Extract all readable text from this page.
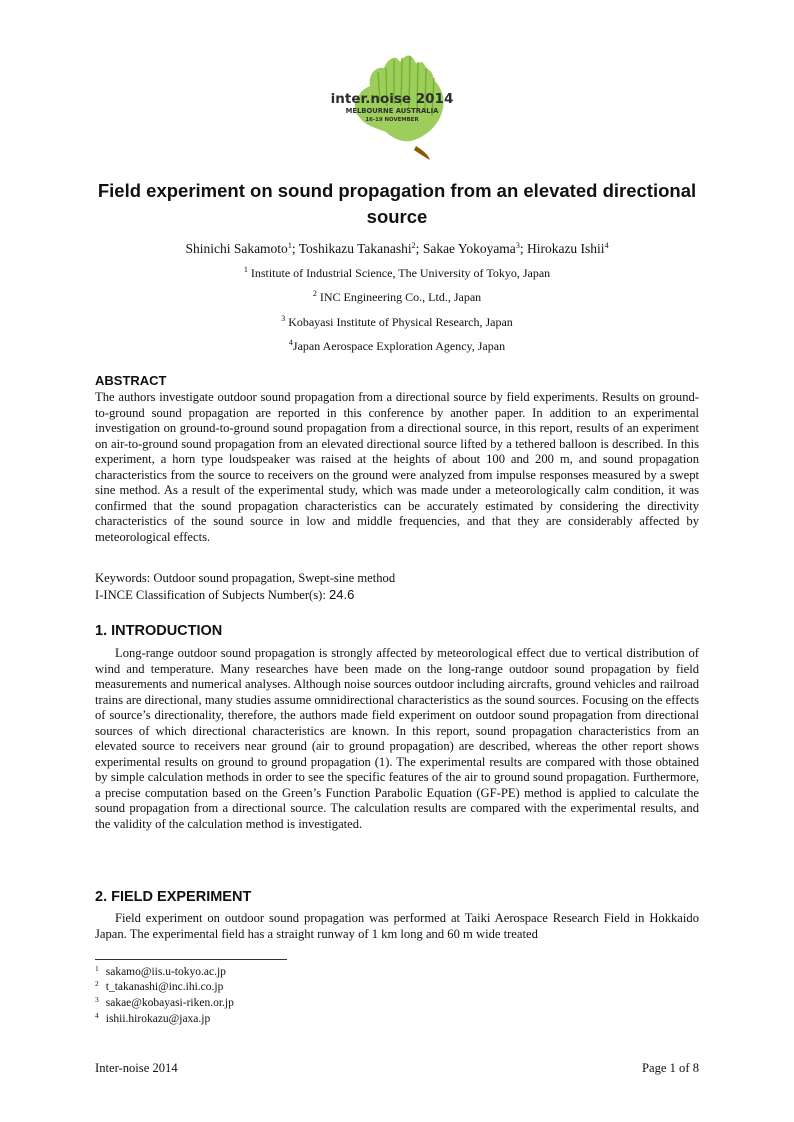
inter.noise 2014
MELBOURNE AUSTRALIA
16-19 NOVEMBER
Field experiment on sound propagation from an elevated directional
source
Shinichi Sakamoto$^1$; Toshikazu Takanashi$^2$; Sakae Yokoyama$^3$; Hirokazu Ishii$^4$
$^1$ Institute of Industrial Science, The University of Tokyo, Japan
$^2$ INC Engineering Co., Ltd., Japan
$^3$ Kobayasi Institute of Physical Research, Japan
$^4$Japan Aerospace Exploration Agency, Japan
ABSTRACT

The authors investigate outdoor sound propagation from a directional source by field experiments. Results on ground-to-ground sound propagation are reported in this conference by another paper. In addition to an experimental investigation on ground-to-ground sound propagation from a directional source, in this report, results of an experiment on air-to-ground sound propagation from an elevated directional source lifted by a tethered balloon is described. In this experiment, a horn type loudspeaker was raised at the heights of about 100 and 200 m, and sound propagation characteristics from the source to receivers on the ground were analyzed from impulse responses measured by a swept sine method. As a result of the experimental study, which was made under a meteorologically calm condition, it was confirmed that the sound propagation characteristics can be accurately estimated by considering the directivity characteristics of the sound source in low and middle frequencies, and that they are considerably affected by meteorological effects.

Keywords: Outdoor sound propagation, Swept-sine method
I-INCE Classification of Subjects Number(s): 24.6
1. INTRODUCTION

Long-range outdoor sound propagation is strongly affected by meteorological effect due to vertical distribution of wind and temperature. Many researches have been made on the long-range outdoor sound propagation by field measurements and numerical analyses. Although noise sources outdoor including aircrafts, ground vehicles and railroad trains are directional, many studies assume omnidirectional characteristics as the sound sources. Focusing on the effects of source’s directionality, therefore, the authors made field experiment on outdoor sound propagation from directional sources of which directional characteristics are known. In this report, sound propagation characteristics from an elevated source to receivers near ground (air to ground propagation) are described, whereas the other report shows experimental results on ground to ground propagation (1). The experimental results are compared with those obtained by simple calculation methods in order to see the specific features of the air to ground sound propagation. Furthermore, a precise computation based on the Green’s Function Parabolic Equation (GF-PE) method is applied to calculate the sound propagation from a directional source. The calculation results are compared with the experimental results, and the validity of the calculation method is investigated.

2. FIELD EXPERIMENT

Field experiment on outdoor sound propagation was performed at Taiki Aerospace Research Field in Hokkaido Japan. The experimental field has a straight runway of 1 km long and 60 m wide treated

$^1$ sakamo@iis.u-tokyo.ac.jp
$^2$ t_takanashi@inc.ihi.co.jp
$^3$ sakae@kobayasi-riken.or.jp
$^4$ ishii.hirokazu@jaxa.jp
Inter-noise 2014	Page 1 of 8
